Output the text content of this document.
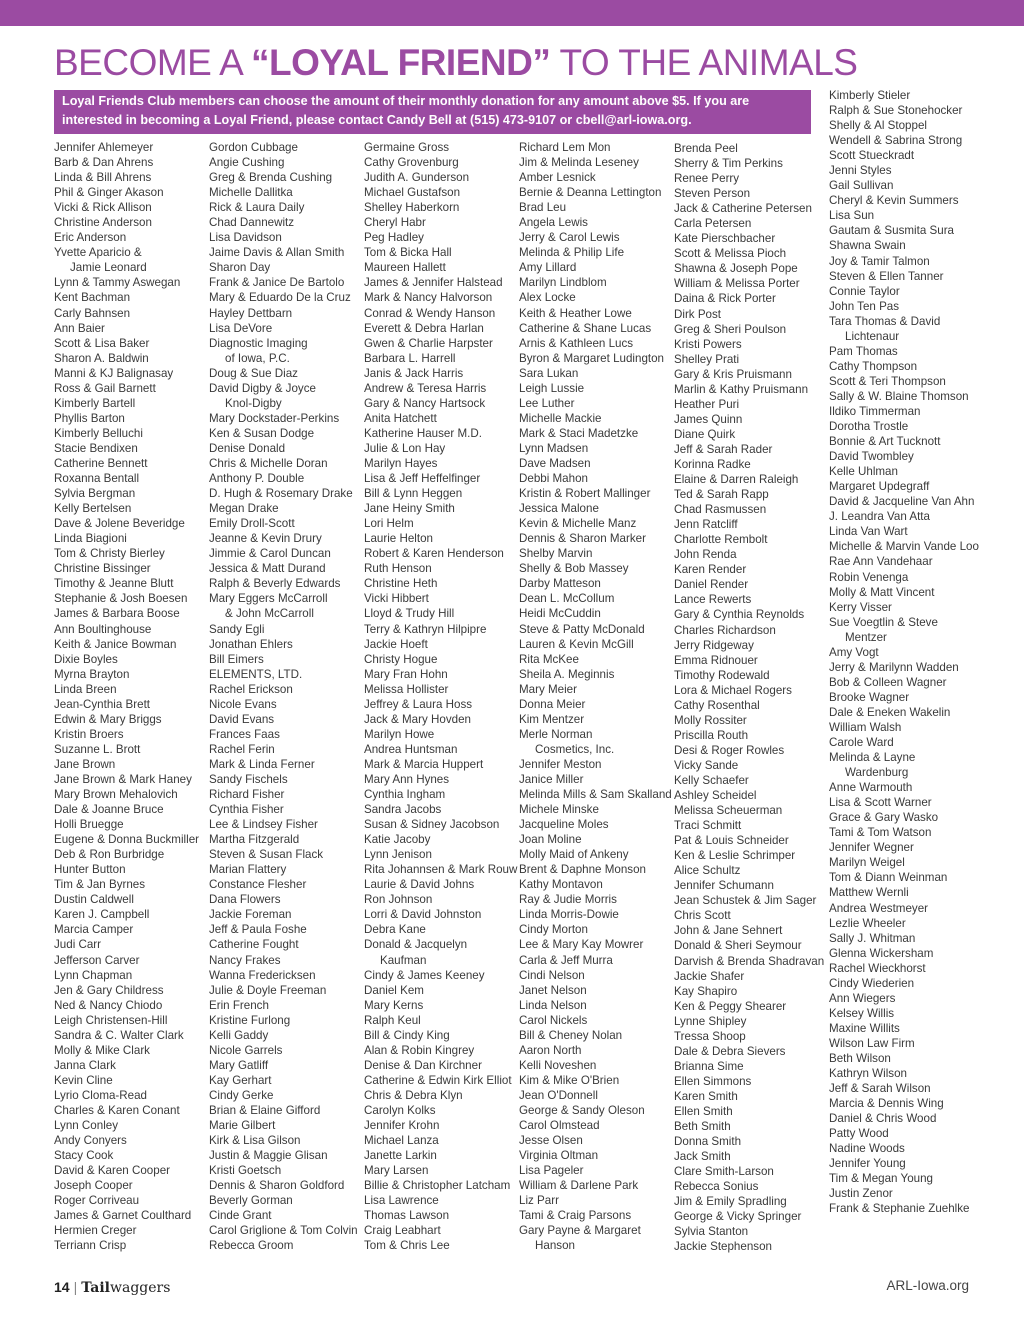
BECOME A “LOYAL FRIEND” TO THE ANIMALS
Loyal Friends Club members can choose the amount of their monthly donation for any amount above $5. If you are
interested in becoming a Loyal Friend, please contact Candy Bell at (515) 473-9107 or cbell@arl-iowa.org.
Jennifer Ahlemeyer
Barb & Dan Ahrens
Linda & Bill Ahrens
Phil & Ginger Akason
Vicki & Rick Allison
Christine Anderson
Eric Anderson
Yvette Aparicio &
Jamie Leonard
Lynn & Tammy Aswegan
Kent Bachman
Carly Bahnsen
Ann Baier
Scott & Lisa Baker
Sharon A. Baldwin
Manni & KJ Balignasay
Ross & Gail Barnett
Kimberly Bartell
Phyllis Barton
Kimberly Belluchi
Stacie Bendixen
Catherine Bennett
Roxanna Bentall
Sylvia Bergman
Kelly Bertelsen
Dave & Jolene Beveridge
Linda Biagioni
Tom & Christy Bierley
Christine Bissinger
Timothy & Jeanne Blutt
Stephanie & Josh Boesen
James & Barbara Boose
Ann Boultinghouse
Keith & Janice Bowman
Dixie Boyles
Myrna Brayton
Linda Breen
Jean-Cynthia Brett
Edwin & Mary Briggs
Kristin Broers
Suzanne L. Brott
Jane Brown
Jane Brown & Mark Haney
Mary Brown Mehalovich
Dale & Joanne Bruce
Holli Bruegge
Eugene & Donna Buckmiller
Deb & Ron Burbridge
Hunter Button
Tim & Jan Byrnes
Dustin Caldwell
Karen J. Campbell
Marcia Camper
Judi Carr
Jefferson Carver
Lynn Chapman
Jen & Gary Childress
Ned & Nancy Chiodo
Leigh Christensen-Hill
Sandra & C. Walter Clark
Molly & Mike Clark
Janna Clark
Kevin Cline
Lyrio Cloma-Read
Charles & Karen Conant
Lynn Conley
Andy Conyers
Stacy Cook
David & Karen Cooper
Joseph Cooper
Roger Corriveau
James & Garnet Coulthard
Hermien Creger
Terriann Crisp
Gordon Cubbage
Angie Cushing
Greg & Brenda Cushing
Michelle Dallitka
Rick & Laura Daily
Chad Dannewitz
Lisa Davidson
Jaime Davis & Allan Smith
Sharon Day
Frank & Janice De Bartolo
Mary & Eduardo De la Cruz
Hayley Dettbarn
Lisa DeVore
Diagnostic Imaging
of Iowa, P.C.
Doug & Sue Diaz
David Digby & Joyce
Knol-Digby
Mary Dockstader-Perkins
Ken & Susan Dodge
Denise Donald
Chris & Michelle Doran
Anthony P. Double
D. Hugh & Rosemary Drake
Megan Drake
Emily Droll-Scott
Jeanne & Kevin Drury
Jimmie & Carol Duncan
Jessica & Matt Durand
Ralph & Beverly Edwards
Mary Eggers McCarroll
& John McCarroll
Sandy Egli
Jonathan Ehlers
Bill Eimers
ELEMENTS, LTD.
Rachel Erickson
Nicole Evans
David Evans
Frances Faas
Rachel Ferin
Mark & Linda Ferner
Sandy Fischels
Richard Fisher
Cynthia Fisher
Lee & Lindsey Fisher
Martha Fitzgerald
Steven & Susan Flack
Marian Flattery
Constance Flesher
Dana Flowers
Jackie Foreman
Jeff & Paula Foshe
Catherine Fought
Nancy Frakes
Wanna Fredericksen
Julie & Doyle Freeman
Erin French
Kristine Furlong
Kelli Gaddy
Nicole Garrels
Mary Gatliff
Kay Gerhart
Cindy Gerke
Brian & Elaine Gifford
Marie Gilbert
Kirk & Lisa Gilson
Justin & Maggie Glisan
Kristi Goetsch
Dennis & Sharon Goldford
Beverly Gorman
Cinde Grant
Carol Griglione & Tom Colvin
Rebecca Groom
Germaine Gross
Cathy Grovenburg
Judith A. Gunderson
Michael Gustafson
Shelley Haberkorn
Cheryl Habr
Peg Hadley
Tom & Bicka Hall
Maureen Hallett
James & Jennifer Halstead
Mark & Nancy Halvorson
Conrad & Wendy Hanson
Everett & Debra Harlan
Gwen & Charlie Harpster
Barbara L. Harrell
Janis & Jack Harris
Andrew & Teresa Harris
Gary & Nancy Hartsock
Anita Hatchett
Katherine Hauser M.D.
Julie & Lon Hay
Marilyn Hayes
Lisa & Jeff Heffelfinger
Bill & Lynn Heggen
Jane Heiny Smith
Lori Helm
Laurie Helton
Robert & Karen Henderson
Ruth Henson
Christine Heth
Vicki Hibbert
Lloyd & Trudy Hill
Terry & Kathryn Hilpipre
Jackie Hoeft
Christy Hogue
Mary Fran Hohn
Melissa Hollister
Jeffrey & Laura Hoss
Jack & Mary Hovden
Marilyn Howe
Andrea Huntsman
Mark & Marcia Huppert
Mary Ann Hynes
Cynthia Ingham
Sandra Jacobs
Susan & Sidney Jacobson
Katie Jacoby
Lynn Jenison
Rita Johannsen & Mark Rouw
Laurie & David Johns
Ron Johnson
Lorri & David Johnston
Debra Kane
Donald & Jacquelyn
Kaufman
Cindy & James Keeney
Daniel Kem
Mary Kerns
Ralph Keul
Bill & Cindy King
Alan & Robin Kingrey
Denise & Dan Kirchner
Catherine & Edwin Kirk Elliot
Chris & Debra Klyn
Carolyn Kolks
Jennifer Krohn
Michael Lanza
Janette Larkin
Mary Larsen
Billie & Christopher Latcham
Lisa Lawrence
Thomas Lawson
Craig Leabhart
Tom & Chris Lee
Richard Lem Mon
Jim & Melinda Leseney
Amber Lesnick
Bernie & Deanna Lettington
Brad Leu
Angela Lewis
Jerry & Carol Lewis
Melinda & Philip Life
Amy Lillard
Marilyn Lindblom
Alex Locke
Keith & Heather Lowe
Catherine & Shane Lucas
Arnis & Kathleen Lucs
Byron & Margaret Ludington
Sara Lukan
Leigh Lussie
Lee Luther
Michelle Mackie
Mark & Staci Madetzke
Lynn Madsen
Dave Madsen
Debbi Mahon
Kristin & Robert Mallinger
Jessica Malone
Kevin & Michelle Manz
Dennis & Sharon Marker
Shelby Marvin
Shelly & Bob Massey
Darby Matteson
Dean L. McCollum
Heidi McCuddin
Steve & Patty McDonald
Lauren & Kevin McGill
Rita McKee
Sheila A. Meginnis
Mary Meier
Donna Meier
Kim Mentzer
Merle Norman
Cosmetics, Inc.
Jennifer Meston
Janice Miller
Melinda Mills & Sam Skalland
Michele Minske
Jacqueline Moles
Joan Moline
Molly Maid of Ankeny
Brent & Daphne Monson
Kathy Montavon
Ray & Judie Morris
Linda Morris-Dowie
Cindy Morton
Lee & Mary Kay Mowrer
Carla & Jeff Murra
Cindi Nelson
Janet Nelson
Linda Nelson
Carol Nickels
Bill & Cheney Nolan
Aaron North
Kelli Noveshen
Kim & Mike O'Brien
Jean O'Donnell
George & Sandy Oleson
Carol Olmstead
Jesse Olsen
Virginia Oltman
Lisa Pageler
William & Darlene Park
Liz Parr
Tami & Craig Parsons
Gary Payne & Margaret
Hanson
Brenda Peel
Sherry & Tim Perkins
Renee Perry
Steven Person
Jack & Catherine Petersen
Carla Petersen
Kate Pierschbacher
Scott & Melissa Pioch
Shawna & Joseph Pope
William & Melissa Porter
Daina & Rick Porter
Dirk Post
Greg & Sheri Poulson
Kristi Powers
Shelley Prati
Gary & Kris Pruismann
Marlin & Kathy Pruismann
Heather Puri
James Quinn
Diane Quirk
Jeff & Sarah Rader
Korinna Radke
Elaine & Darren Raleigh
Ted & Sarah Rapp
Chad Rasmussen
Jenn Ratcliff
Charlotte Rembolt
John Renda
Karen Render
Daniel Render
Lance Rewerts
Gary & Cynthia Reynolds
Charles Richardson
Jerry Ridgeway
Emma Ridnouer
Timothy Rodewald
Lora & Michael Rogers
Cathy Rosenthal
Molly Rossiter
Priscilla Routh
Desi & Roger Rowles
Vicky Sande
Kelly Schaefer
Ashley Scheidel
Melissa Scheuerman
Traci Schmitt
Pat & Louis Schneider
Ken & Leslie Schrimper
Alice Schultz
Jennifer Schumann
Jean Schustek & Jim Sager
Chris Scott
John & Jane Sehnert
Donald & Sheri Seymour
Darvish & Brenda Shadravan
Jackie Shafer
Kay Shapiro
Ken & Peggy Shearer
Lynne Shipley
Tressa Shoop
Dale & Debra Sievers
Brianna Sime
Ellen Simmons
Karen Smith
Ellen Smith
Beth Smith
Donna Smith
Jack Smith
Clare Smith-Larson
Rebecca Sonius
Jim & Emily Spradling
George & Vicky Springer
Sylvia Stanton
Jackie Stephenson
Kimberly Stieler
Ralph & Sue Stonehocker
Shelly & Al Stoppel
Wendell & Sabrina Strong
Scott Stueckradt
Jenni Styles
Gail Sullivan
Cheryl & Kevin Summers
Lisa Sun
Gautam & Susmita Sura
Shawna Swain
Joy & Tamir Talmon
Steven & Ellen Tanner
Connie Taylor
John Ten Pas
Tara Thomas & David
Lichtenaur
Pam Thomas
Cathy Thompson
Scott & Teri Thompson
Sally & W. Blaine Thomson
Ildiko Timmerman
Dorotha Trostle
Bonnie & Art Tucknott
David Twombley
Kelle Uhlman
Margaret Updegraff
David & Jacqueline Van Ahn
J. Leandra Van Atta
Linda Van Wart
Michelle & Marvin Vande Loo
Rae Ann Vandehaar
Robin Venenga
Molly & Matt Vincent
Kerry Visser
Sue Voegtlin & Steve
Mentzer
Amy Vogt
Jerry & Marilynn Wadden
Bob & Colleen Wagner
Brooke Wagner
Dale & Eneken Wakelin
William Walsh
Carole Ward
Melinda & Layne
Wardenburg
Anne Warmouth
Lisa & Scott Warner
Grace & Gary Wasko
Tami & Tom Watson
Jennifer Wegner
Marilyn Weigel
Tom & Diann Weinman
Matthew Wernli
Andrea Westmeyer
Lezlie Wheeler
Sally J. Whitman
Glenna Wickersham
Rachel Wieckhorst
Cindy Wiederien
Ann Wiegers
Kelsey Willis
Maxine Willits
Wilson Law Firm
Beth Wilson
Kathryn Wilson
Jeff & Sarah Wilson
Marcia & Dennis Wing
Daniel & Chris Wood
Patty Wood
Nadine Woods
Jennifer Young
Tim & Megan Young
Justin Zenor
Frank & Stephanie Zuehlke
14 | Tailwaggers	ARL-Iowa.org
